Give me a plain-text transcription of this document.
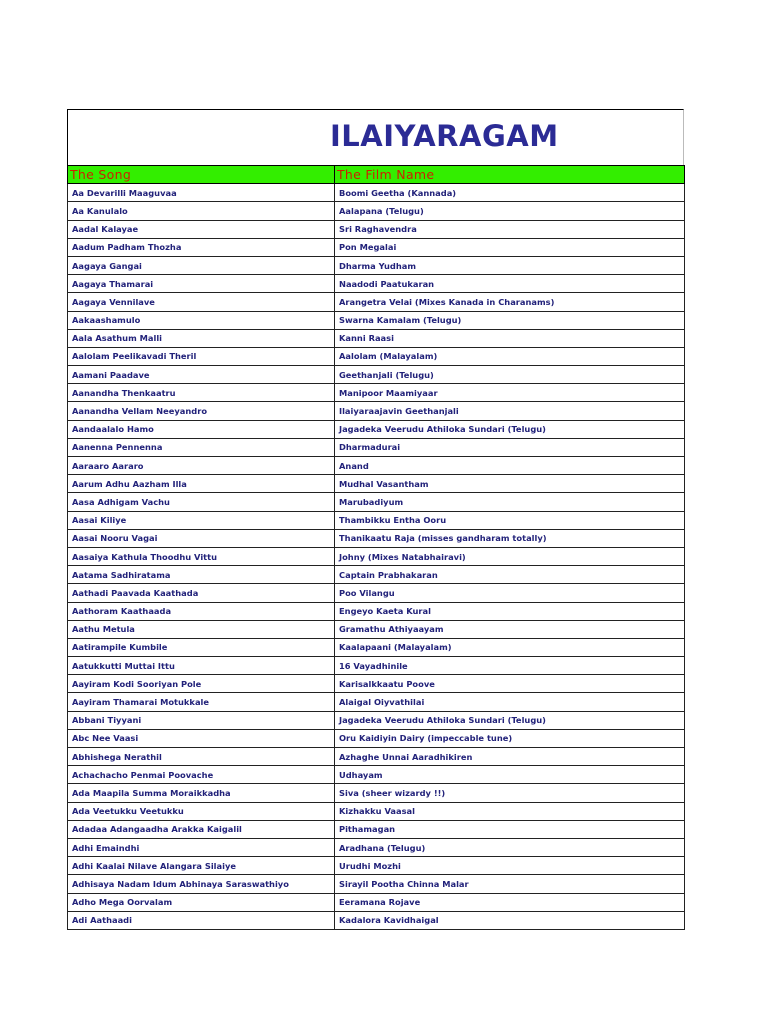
ILAIYARAGAM
The Song	The Film Name
Aa Devarilli Maaguvaa	Boomi Geetha (Kannada)
Aa Kanulalo	Aalapana (Telugu)
Aadal Kalayae	Sri Raghavendra
Aadum Padham Thozha	Pon Megalai
Aagaya Gangai	Dharma Yudham
Aagaya Thamarai	Naadodi Paatukaran
Aagaya Vennilave	Arangetra Velai (Mixes Kanada in Charanams)
Aakaashamulo	Swarna Kamalam (Telugu)
Aala Asathum Malli	Kanni Raasi
Aalolam Peelikavadi Theril	Aalolam (Malayalam)
Aamani Paadave	Geethanjali (Telugu)
Aanandha Thenkaatru	Manipoor Maamiyaar
Aanandha Vellam Neeyandro	Ilaiyaraajavin Geethanjali
Aandaalalo Hamo	Jagadeka Veerudu Athiloka Sundari (Telugu)
Aanenna Pennenna	Dharmadurai
Aaraaro Aararo	Anand
Aarum Adhu Aazham Illa	Mudhal Vasantham
Aasa Adhigam Vachu	Marubadiyum
Aasai Kiliye	Thambikku Entha Ooru
Aasai Nooru Vagai	Thanikaatu Raja (misses gandharam totally)
Aasaiya Kathula Thoodhu Vittu	Johny (Mixes Natabhairavi)
Aatama Sadhiratama	Captain Prabhakaran
Aathadi Paavada Kaathada	Poo Vilangu
Aathoram Kaathaada	Engeyo Kaeta Kural
Aathu Metula	Gramathu Athiyaayam
Aatirampile Kumbile	Kaalapaani (Malayalam)
Aatukkutti Muttai Ittu	16 Vayadhinile
Aayiram Kodi Sooriyan Pole	Karisalkkaatu Poove
Aayiram Thamarai Motukkale	Alaigal Oiyvathilai
Abbani Tiyyani	Jagadeka Veerudu Athiloka Sundari (Telugu)
Abc Nee Vaasi	Oru Kaidiyin Dairy (impeccable tune)
Abhishega Nerathil	Azhaghe Unnai Aaradhikiren
Achachacho Penmai Poovache	Udhayam
Ada Maapila Summa Moraikkadha	Siva (sheer wizardy !!)
Ada Veetukku Veetukku	Kizhakku Vaasal
Adadaa Adangaadha Arakka Kaigalil	Pithamagan
Adhi Emaindhi	Aradhana (Telugu)
Adhi Kaalai Nilave Alangara Silaiye	Urudhi Mozhi
Adhisaya Nadam Idum Abhinaya Saraswathiyo	Sirayil Pootha Chinna Malar
Adho Mega Oorvalam	Eeramana Rojave
Adi Aathaadi	Kadalora Kavidhaigal
